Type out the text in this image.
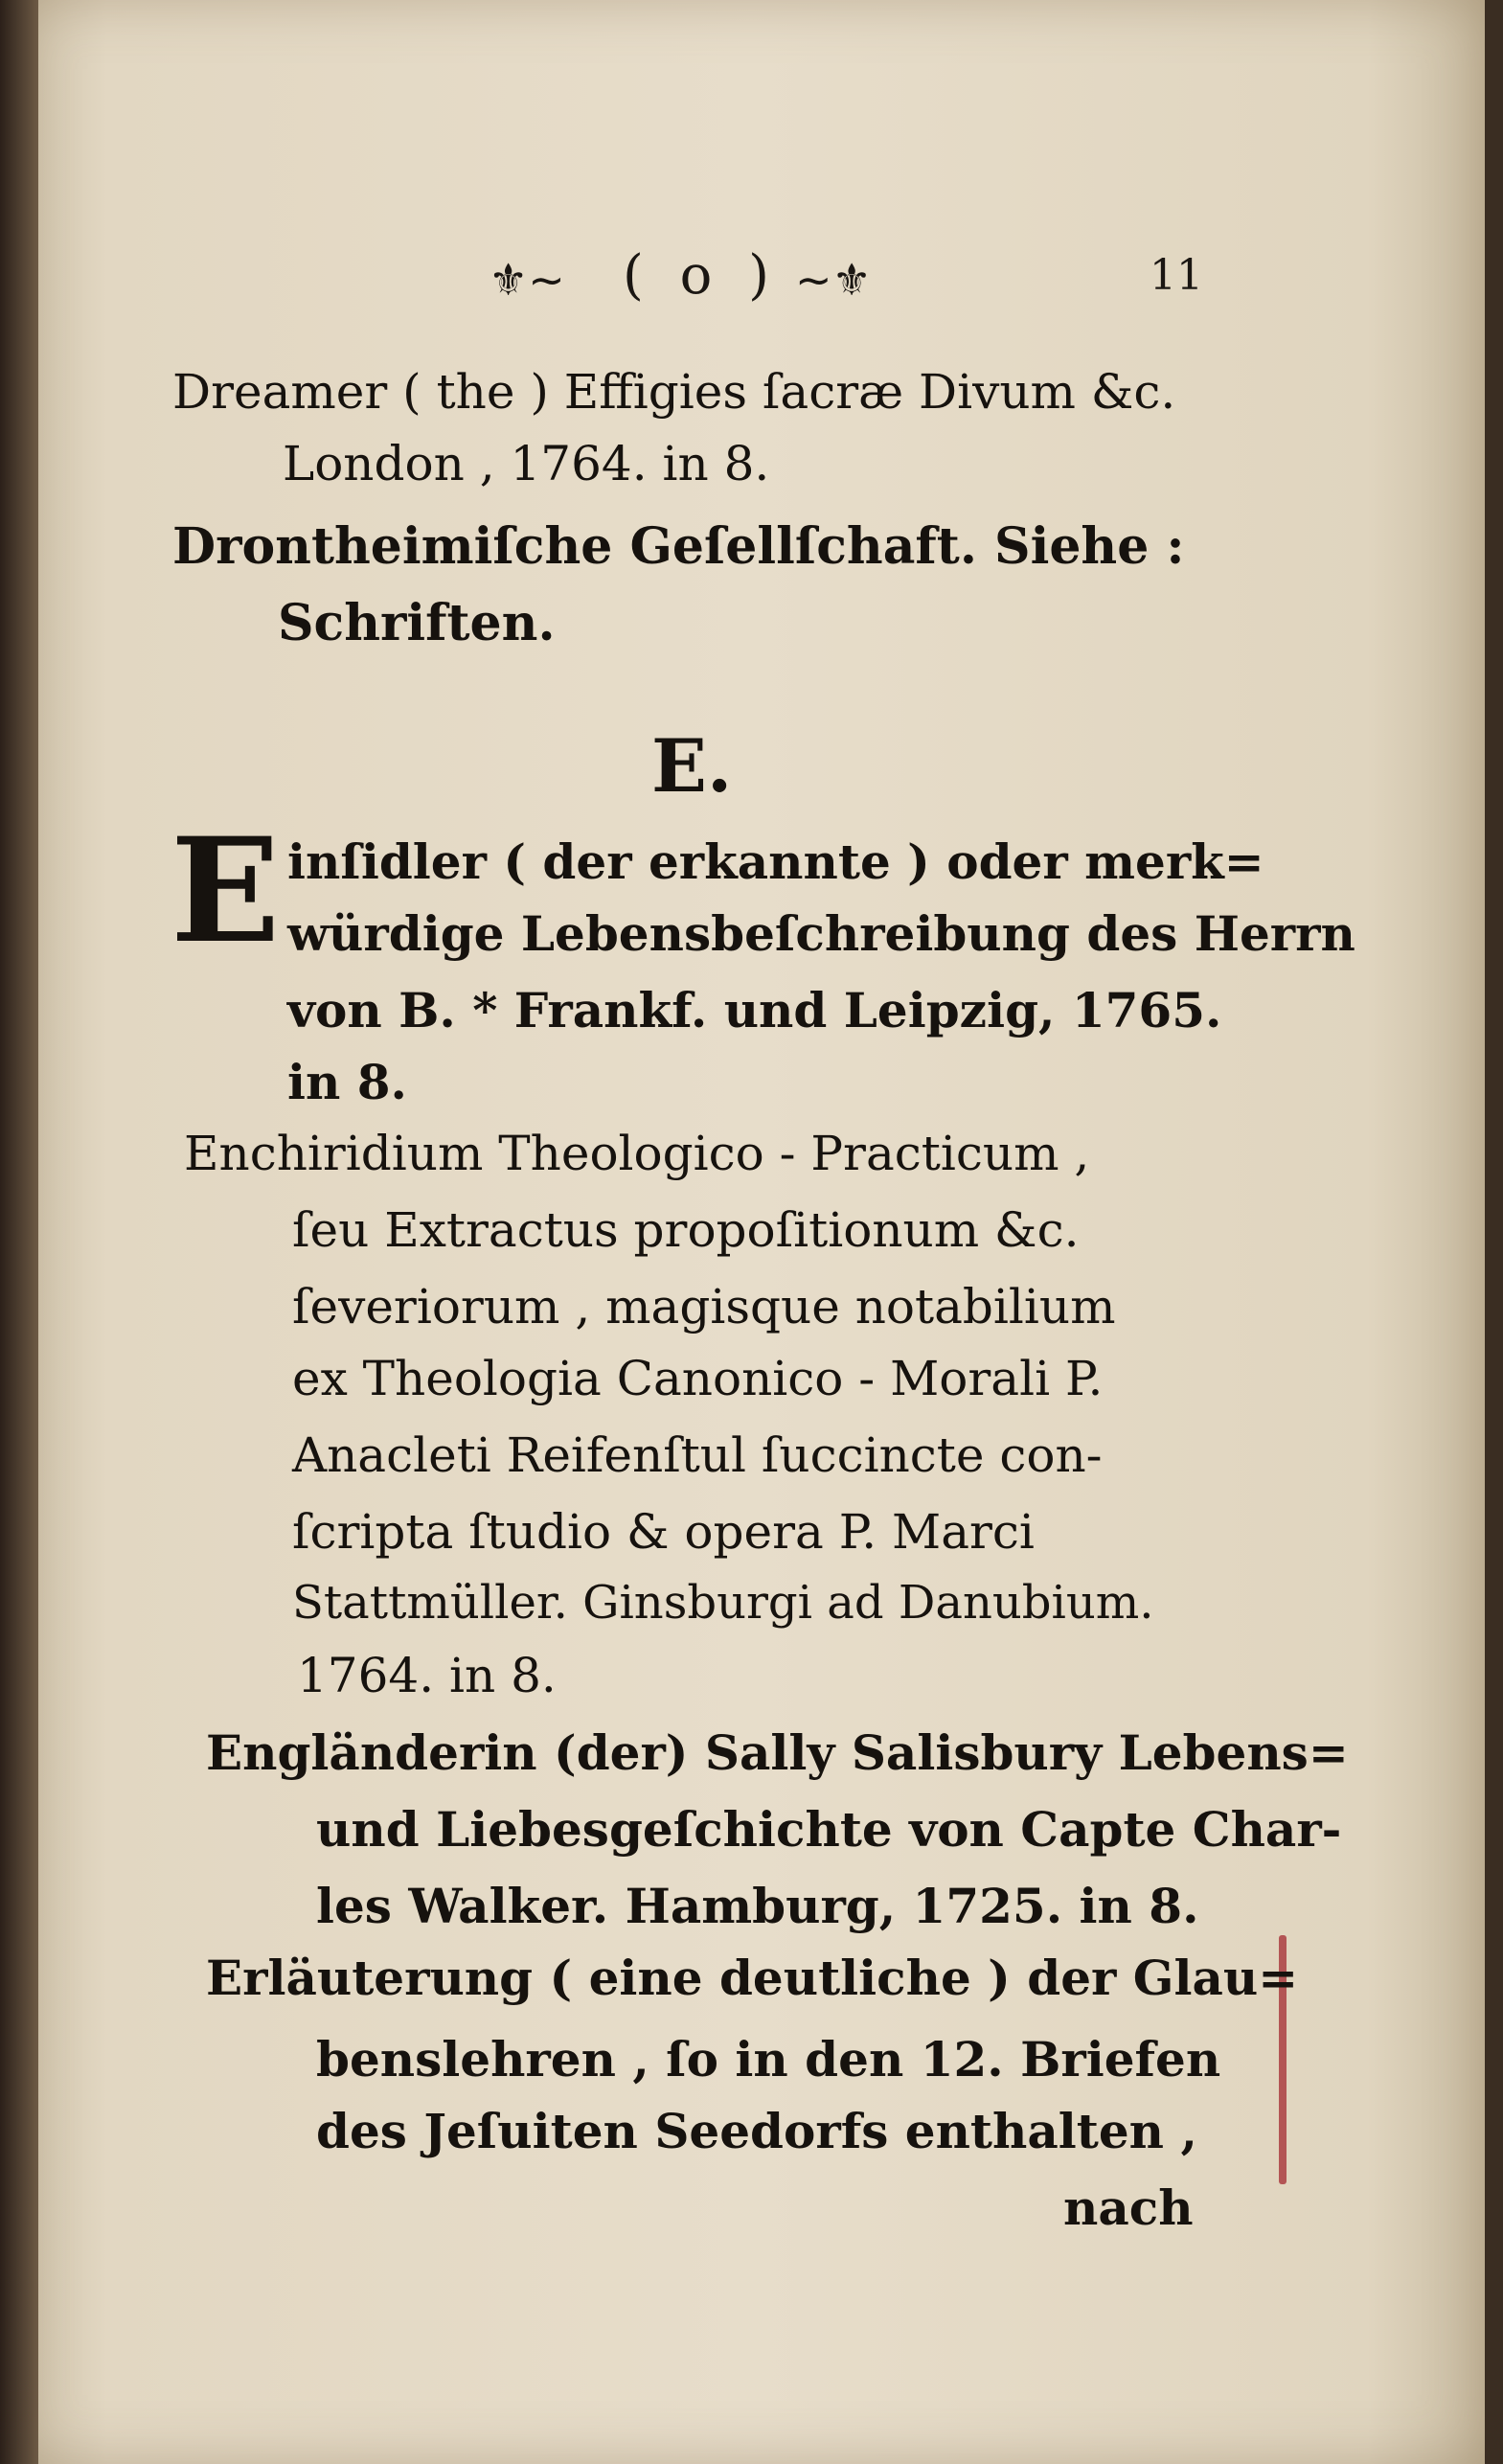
⚜~ ( o ) ~⚜	11
Dreamer ( the ) Effigies ſacræ Divum &c.
London , 1764. in 8.
Drontheimiſche Geſellſchaft. Siehe :
Schriften.
E.
E inſidler ( der erkannte ) oder merk=
würdige Lebensbeſchreibung des Herrn
von B. * Frankf. und Leipzig, 1765.
in 8.
Enchiridium Theologico - Practicum ,
ſeu Extractus propoſitionum &c.
ſeveriorum , magisque notabilium
ex Theologia Canonico - Morali P.
Anacleti Reifenſtul ſuccincte con-
ſcripta ſtudio & opera P. Marci
Stattmüller. Ginsburgi ad Danubium.
1764. in 8.
Engländerin (der) Sally Salisbury Lebens=
und Liebesgeſchichte von Capte Char-
les Walker. Hamburg, 1725. in 8.
Erläuterung ( eine deutliche ) der Glau=
benslehren , ſo in den 12. Briefen
des Jeſuiten Seedorfs enthalten ,
nach
